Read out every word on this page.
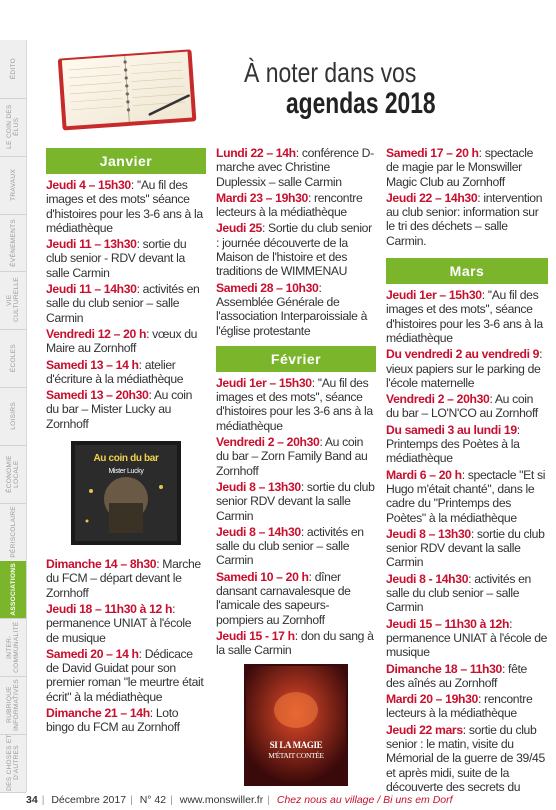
ÉDITO
LE COIN DES ÉLUS
TRAVAUX
ÉVÉNEMENTS
VIE CULTURELLE
ÉCOLES
LOISIRS
ÉCONOMIE LOCALE
PÉRISCOLAIRE
ASSOCIATIONS
INTER-COMMUNALITÉ
RUBRIQUE INFORMATIVES
DES CHOSES ET D'AUTRES
À noter dans vos
agendas 2018
Janvier
Jeudi 4 – 15h30: ''Au fil des images et des mots'' séance d'histoires pour les 3-6 ans à la médiathèque
Jeudi 11 – 13h30: sortie du club senior - RDV devant la salle Carmin
Jeudi 11 – 14h30: activités en salle du club senior – salle Carmin
Vendredi 12 – 20 h: vœux du Maire au Zornhoff
Samedi 13 – 14 h: atelier d'écriture à la médiathèque
Samedi 13 – 20h30: Au coin du bar – Mister Lucky au Zornhoff
Au coin du bar
Mister Lucky
Dimanche 14 – 8h30: Marche du FCM – départ devant le Zornhoff
Jeudi 18 – 11h30 à 12 h: permanence UNIAT à l'école de musique
Samedi 20 – 14 h: Dédicace de David Guidat pour son premier roman "le meurtre était écrit" à la médiathèque
Dimanche 21 – 14h: Loto bingo du FCM au Zornhoff
Lundi 22 – 14h: conférence D-marche avec Christine Duplessix – salle Carmin
Mardi 23 – 19h30: rencontre lecteurs à la médiathèque
Jeudi 25: Sortie du club senior : journée découverte de la Maison de l'histoire et des traditions de WIMMENAU
Samedi 28 – 10h30: Assemblée Générale de l'association Interparoissiale à l'église protestante
Février
Jeudi 1er – 15h30: ''Au fil des images et des mots'', séance d'histoires pour les 3-6 ans à la médiathèque
Vendredi 2 – 20h30: Au coin du bar – Zorn Family Band au Zornhoff
Jeudi 8 – 13h30: sortie du club senior RDV devant la salle Carmin
Jeudi 8 – 14h30: activités en salle du club senior – salle Carmin
Samedi 10 – 20 h: dîner dansant carnavalesque de l'amicale des sapeurs-pompiers au Zornhoff
Jeudi 15 - 17 h: don du sang à la salle Carmin
SI LA MAGIE
M'ÉTAIT CONTÉE
Samedi 17 – 20 h: spectacle de magie par le Monswiller Magic Club au Zornhoff
Jeudi 22 – 14h30: intervention au club senior: information sur le tri des déchets – salle Carmin.
Mars
Jeudi 1er – 15h30: ''Au fil des images et des mots'', séance d'histoires pour les 3-6 ans à la médiathèque
Du vendredi 2 au vendredi 9: vieux papiers sur le parking de l'école maternelle
Vendredi 2 – 20h30: Au coin du bar – LO'N'CO au Zornhoff
Du samedi 3 au lundi 19: Printemps des Poètes à la médiathèque
Mardi 6 – 20 h: spectacle "Et si Hugo m'était chanté", dans le cadre du "Printemps des Poètes" à la médiathèque
Jeudi 8 – 13h30: sortie du club senior RDV devant la salle Carmin
Jeudi 8 - 14h30: activités en salle du club senior – salle Carmin
Jeudi 15 – 11h30 à 12h: permanence UNIAT à l'école de musique
Dimanche 18 – 11h30: fête des aînés au Zornhoff
Mardi 20 – 19h30: rencontre lecteurs à la médiathèque
Jeudi 22 mars: sortie du club senior : le matin, visite du Mémorial de la guerre de 39/45 et après midi, suite de la découverte des secrets du
34 | Décembre 2017 | N° 42 | www.monswiller.fr | Chez nous au village / Bi uns em Dorf
